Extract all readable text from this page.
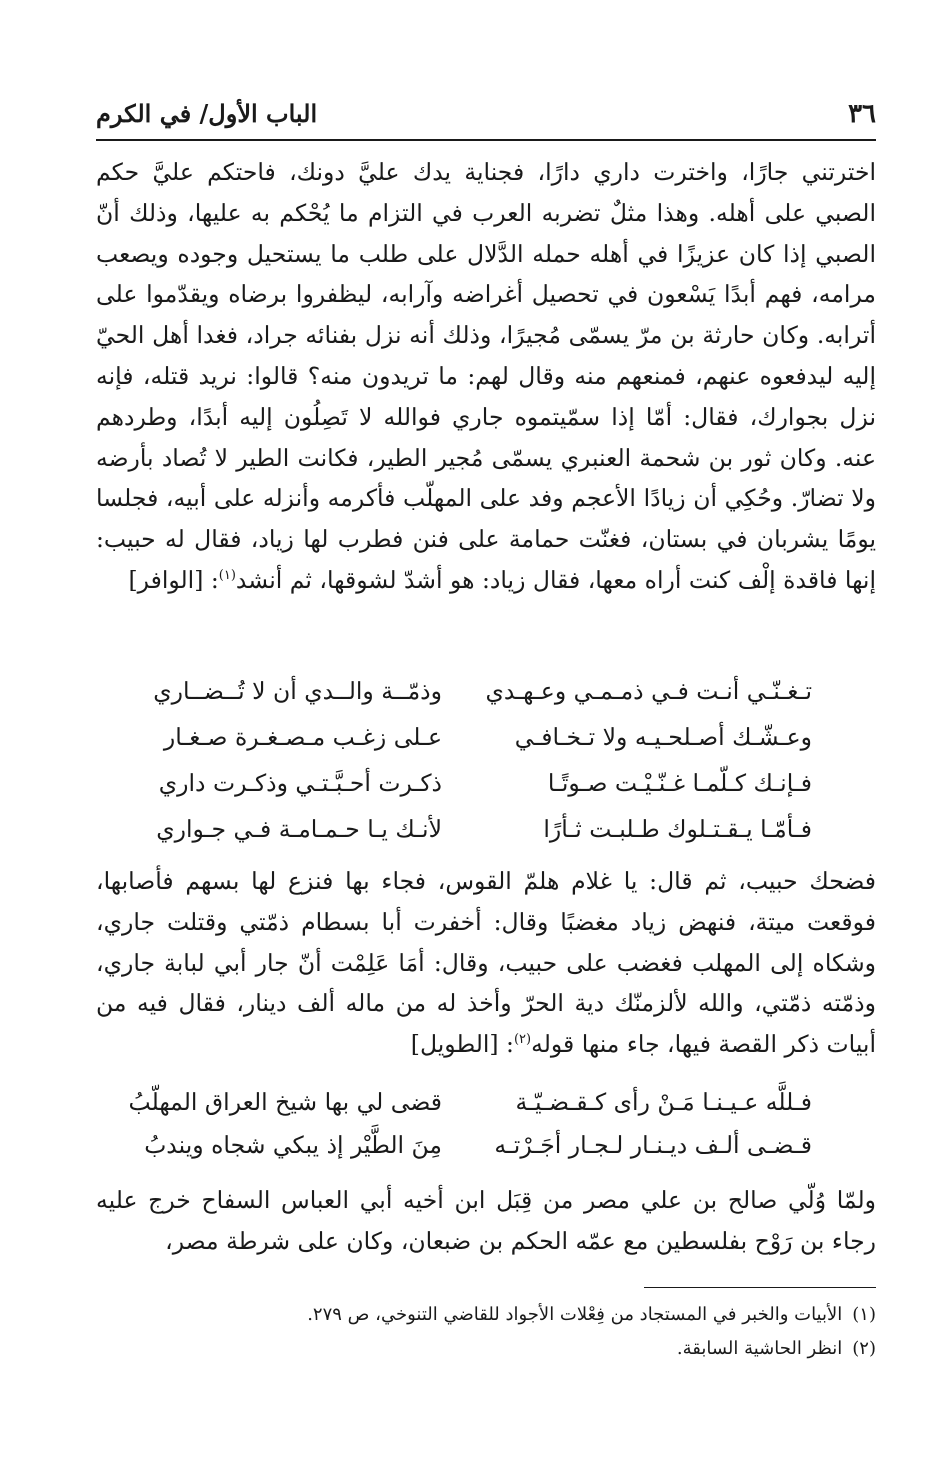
٣٦
الباب الأول/ في الكرم

اخترتني جارًا، واخترت داري دارًا، فجناية يدك عليَّ دونك، فاحتكم عليَّ حكم الصبي على أهله. وهذا مثلٌ تضربه العرب في التزام ما يُحْكم به عليها، وذلك أنّ الصبي إذا كان عزيزًا في أهله حمله الدَّلال على طلب ما يستحيل وجوده ويصعب مرامه، فهم أبدًا يَسْعون في تحصيل أغراضه وآرابه، ليظفروا برضاه ويقدّموا على أترابه. وكان حارثة بن مرّ يسمّى مُجيرًا، وذلك أنه نزل بفنائه جراد، فغدا أهل الحيّ إليه ليدفعوه عنهم، فمنعهم منه وقال لهم: ما تريدون منه؟ قالوا: نريد قتله، فإنه نزل بجوارك، فقال: أمّا إذا سمّيتموه جاري فوالله لا تَصِلُون إليه أبدًا، وطردهم عنه. وكان ثور بن شحمة العنبري يسمّى مُجير الطير، فكانت الطير لا تُصاد بأرضه ولا تضارّ. وحُكِي أن زيادًا الأعجم وفد على المهلّب فأكرمه وأنزله على أبيه، فجلسا يومًا يشربان في بستان، فغنّت حمامة على فنن فطرب لها زياد، فقال له حبيب: إنها فاقدة إلْف كنت أراه معها، فقال زياد: هو أشدّ لشوقها، ثم أنشد$^{(١)}$: [الوافر]

تـغـنّـي أنـت فـي ذمـمـي وعـهـدي
وذمّــة والــدي أن لا تُــضــاري
وعـشّـك أصـلحـيـه ولا تـخـافـي
عـلى زغـب مـصـغـرة صـغـار
فـإنـك كـلّمـا غـنّـيْـت صـوتًـا
ذكـرت أحـبَّـتـي وذكـرت داري
فـأمّـا يـقـتـلوك طـلبـت ثـأرًا
لأنـك يـا حـمـامـة فـي جـواري

فضحك حبيب، ثم قال: يا غلام هلمّ القوس، فجاء بها فنزع لها بسهم فأصابها، فوقعت ميتة، فنهض زياد مغضبًا وقال: أخفرت أبا بسطام ذمّتي وقتلت جاري، وشكاه إلى المهلب فغضب على حبيب، وقال: أمَا عَلِمْت أنّ جار أبي لبابة جاري، وذمّته ذمّتي، والله لألزمنّك دية الحرّ وأخذ له من ماله ألف دينار، فقال فيه من أبيات ذكر القصة فيها، جاء منها قوله$^{(٢)}$: [الطويل]

فـللَّه عـيـنـا مَـنْ رأى كـقـضـيّـة
قضى لي بها شيخ العراق المهلّبُ
قـضـى ألـف ديـنـار لـجـار أجَـرْتـه
مِنَ الطَّيْر إذ يبكي شجاه ويندبُ

ولمّا وُلّي صالح بن علي مصر من قِبَل ابن أخيه أبي العباس السفاح خرج عليه رجاء بن رَوْح بفلسطين مع عمّه الحكم بن ضبعان، وكان على شرطة مصر،

(١)
الأبيات والخبر في المستجاد من فِعْلات الأجواد للقاضي التنوخي، ص ٢٧٩.
(٢)
انظر الحاشية السابقة.
